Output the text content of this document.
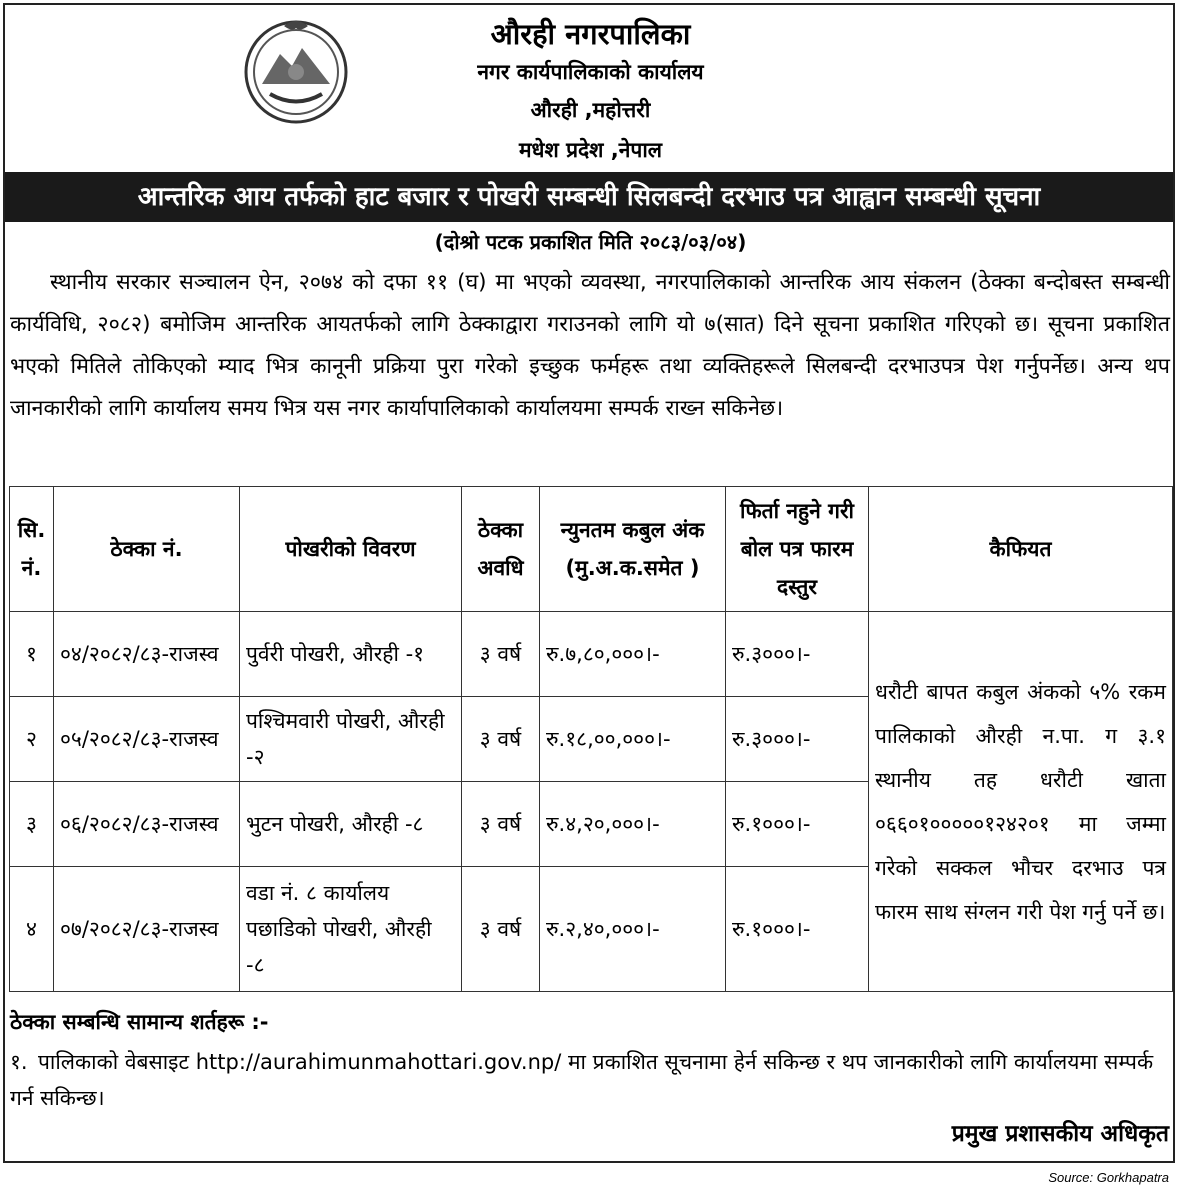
औरही नगरपालिका
नगर कार्यपालिकाको कार्यालय
औरही ,महोत्तरी
मधेश प्रदेश ,नेपाल
आन्तरिक आय तर्फको हाट बजार र पोखरी सम्बन्धी सिलबन्दी दरभाउ पत्र आह्वान सम्बन्धी सूचना
(दोश्रो पटक प्रकाशित मिति २०८३/०३/०४)

स्थानीय सरकार सञ्चालन ऐन, २०७४ को दफा ११ (घ) मा भएको व्यवस्था, नगरपालिकाको आन्तरिक आय संकलन (ठेक्का बन्दोबस्त सम्बन्धी कार्यविधि, २०८२) बमोजिम आन्तरिक आयतर्फको लागि ठेक्काद्वारा गराउनको लागि यो ७(सात) दिने सूचना प्रकाशित गरिएको छ। सूचना प्रकाशित भएको मितिले तोकिएको म्याद भित्र कानूनी प्रक्रिया पुरा गरेको इच्छुक फर्महरू तथा व्यक्तिहरूले सिलबन्दी दरभाउपत्र पेश गर्नुपर्नेछ। अन्य थप जानकारीको लागि कार्यालय समय भित्र यस नगर कार्यापालिकाको कार्यालयमा सम्पर्क राख्न सकिनेछ।

सि. नं.	ठेक्का नं.	पोखरीको विवरण	ठेक्का अवधि	न्युनतम कबुल अंक (मु.अ.क.समेत )	फिर्ता नहुने गरी बोल पत्र फारम दस्तुर	कैफियत
१	०४/२०८२/८३-राजस्व	पुर्वरी पोखरी, औरही -१	३ वर्ष	रु.७,८०,०००।-	रु.३०००।-	धरौटी बापत कबुल अंकको ५% रकम पालिकाको औरही न.पा. ग ३.१ स्थानीय तह धरौटी खाता ०६६०१०००००१२४२०१ मा जम्मा गरेको सक्कल भौचर दरभाउ पत्र फारम साथ संग्लन गरी पेश गर्नु पर्ने छ।
२	०५/२०८२/८३-राजस्व	पश्चिमवारी पोखरी, औरही -२	३ वर्ष	रु.१८,००,०००।-	रु.३०००।-	
३	०६/२०८२/८३-राजस्व	भुटन पोखरी, औरही -८	३ वर्ष	रु.४,२०,०००।-	रु.१०००।-	
४	०७/२०८२/८३-राजस्व	वडा नं. ८ कार्यालय पछाडिको पोखरी, औरही -८	३ वर्ष	रु.२,४०,०००।-	रु.१०००।-	
ठेक्का सम्बन्धि सामान्य शर्तहरू :-

१. पालिकाको वेबसाइट http://aurahimunmahottari.gov.np/ मा प्रकाशित सूचनामा हेर्न सकिन्छ र थप जानकारीको लागि कार्यालयमा सम्पर्क गर्न सकिन्छ।

प्रमुख प्रशासकीय अधिकृत
Source: Gorkhapatra
